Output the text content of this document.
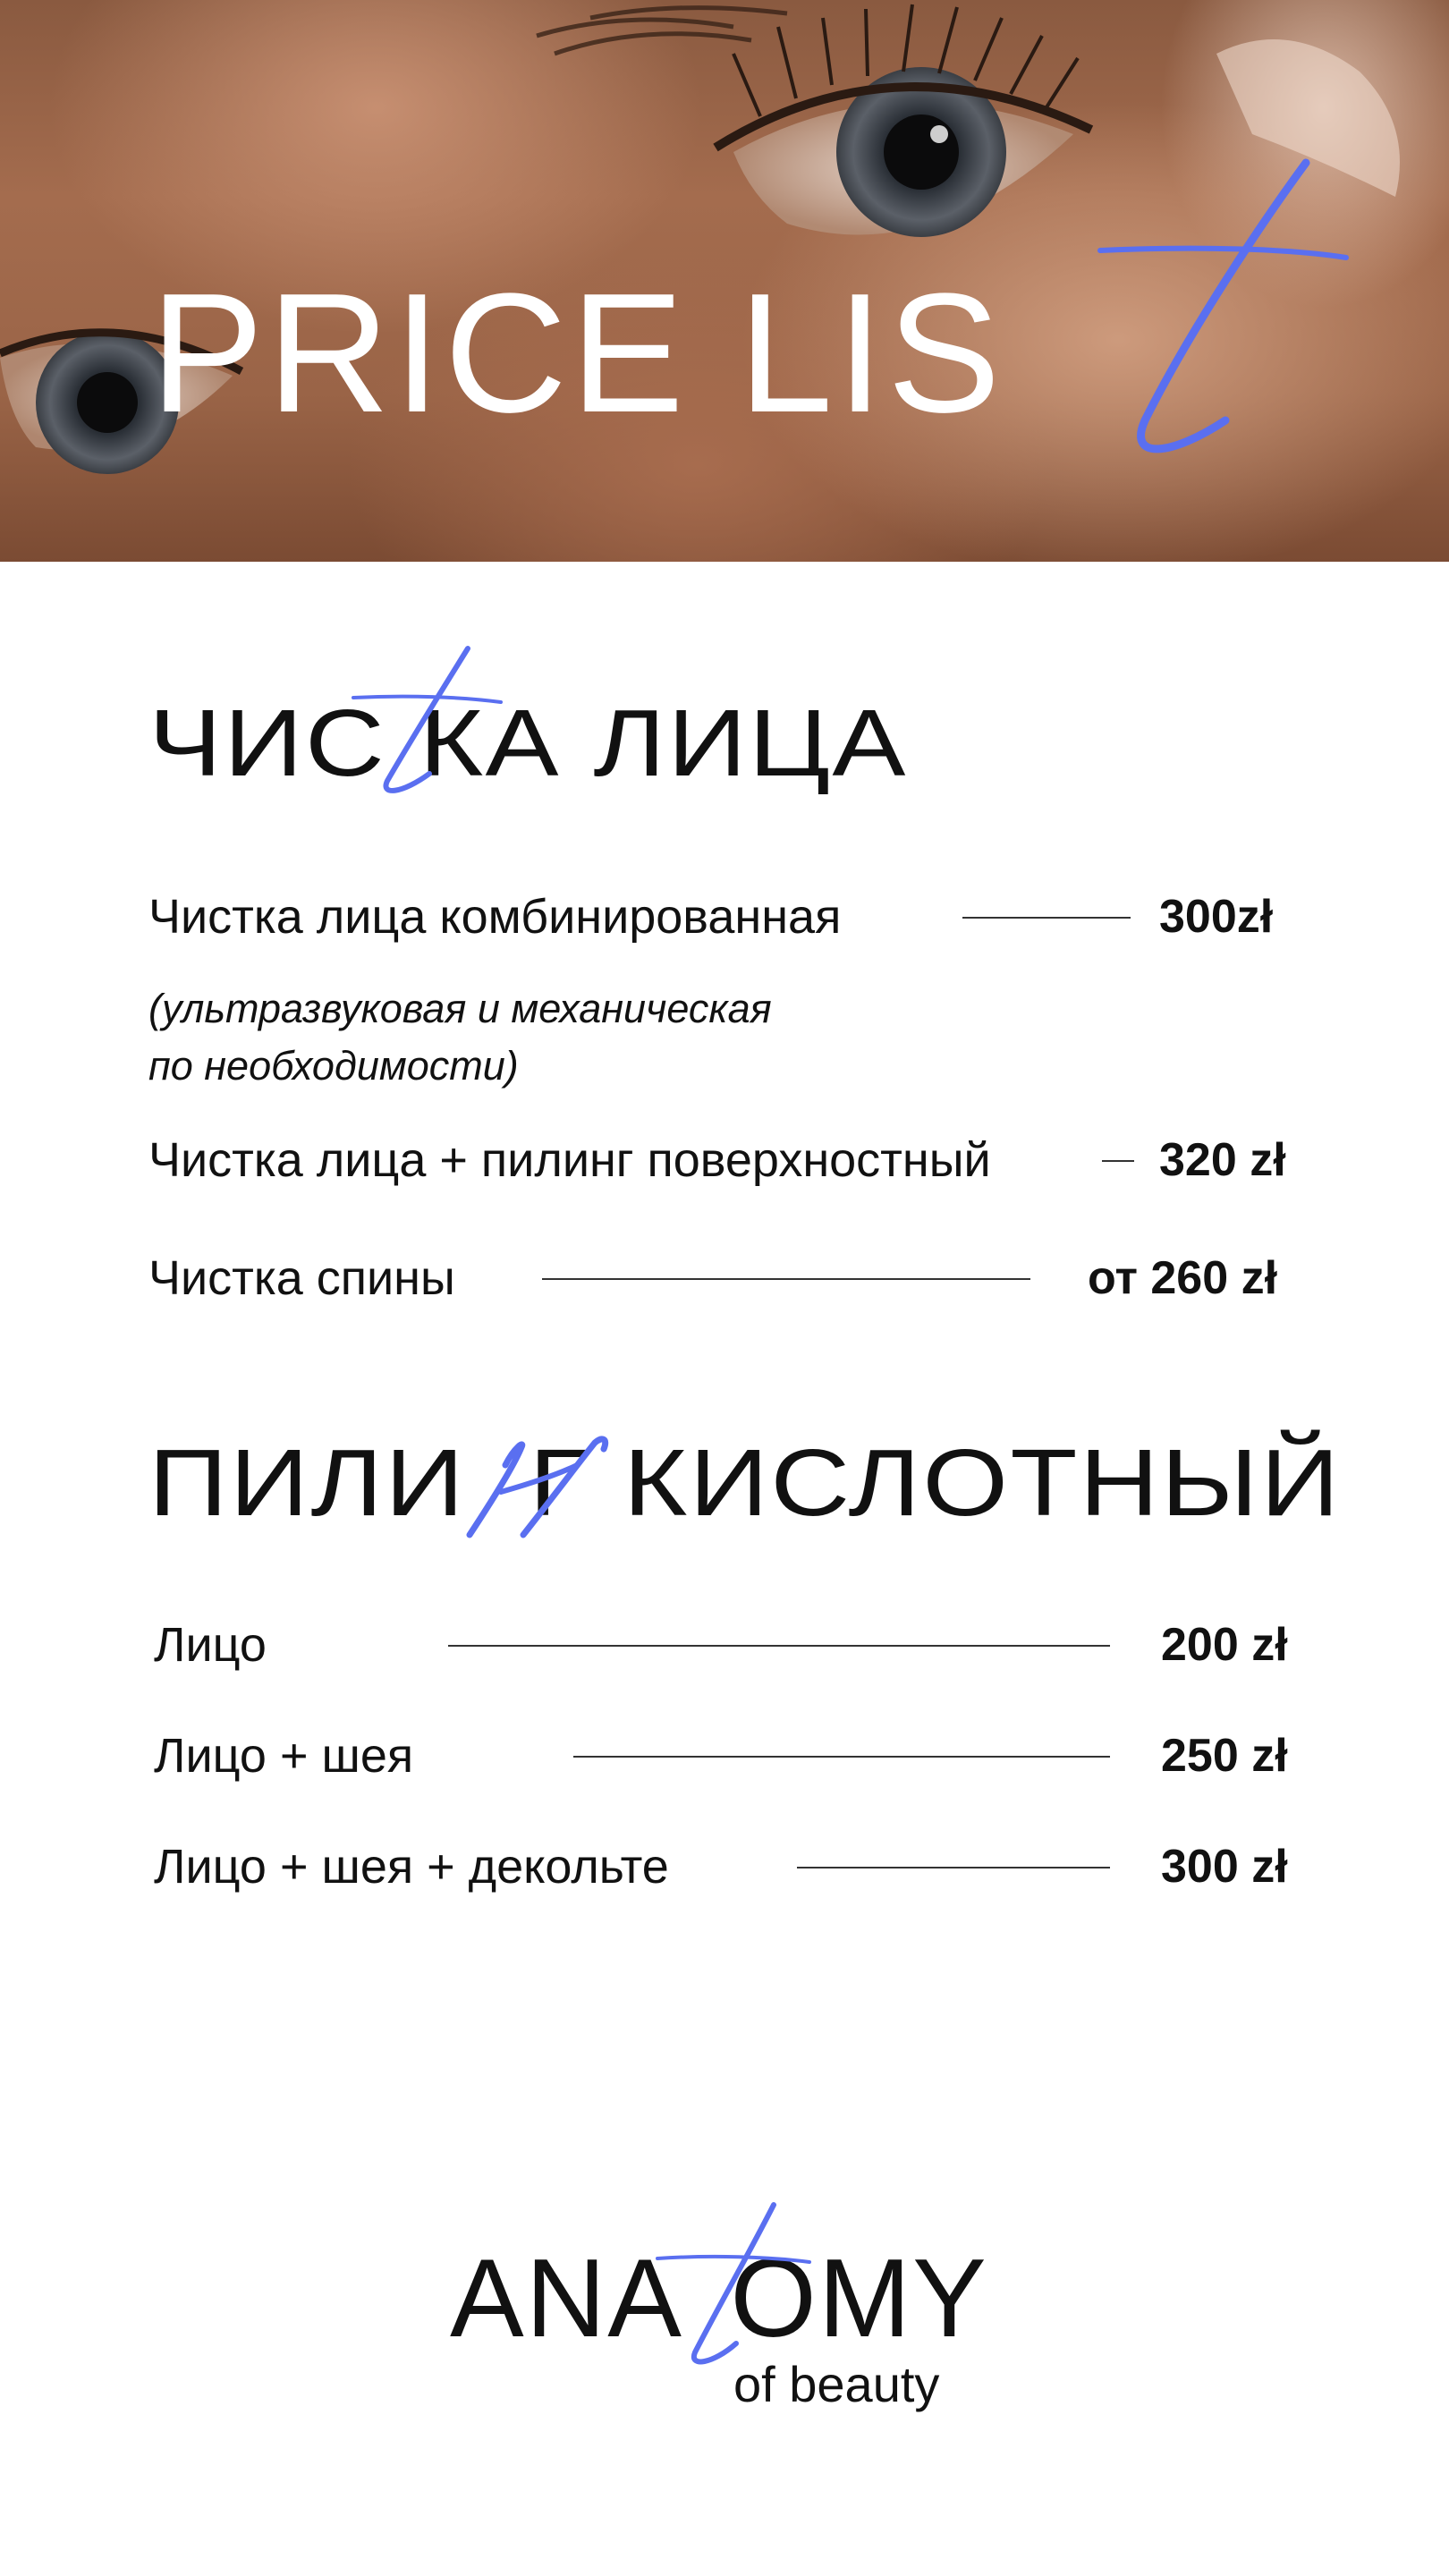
PRICE LIS
ЧИС КА ЛИЦА
Чистка лица комбинированная	300zł
(ультразвуковая и механическая
по необходимости)
Чистка лица + пилинг поверхностный	320 zł
Чистка спины	от 260 zł
ПИЛИ Г КИСЛОТНЫЙ
Лицо	200 zł
Лицо + шея	250 zł
Лицо + шея + декольте	300 zł
ANA OMY
of beauty
